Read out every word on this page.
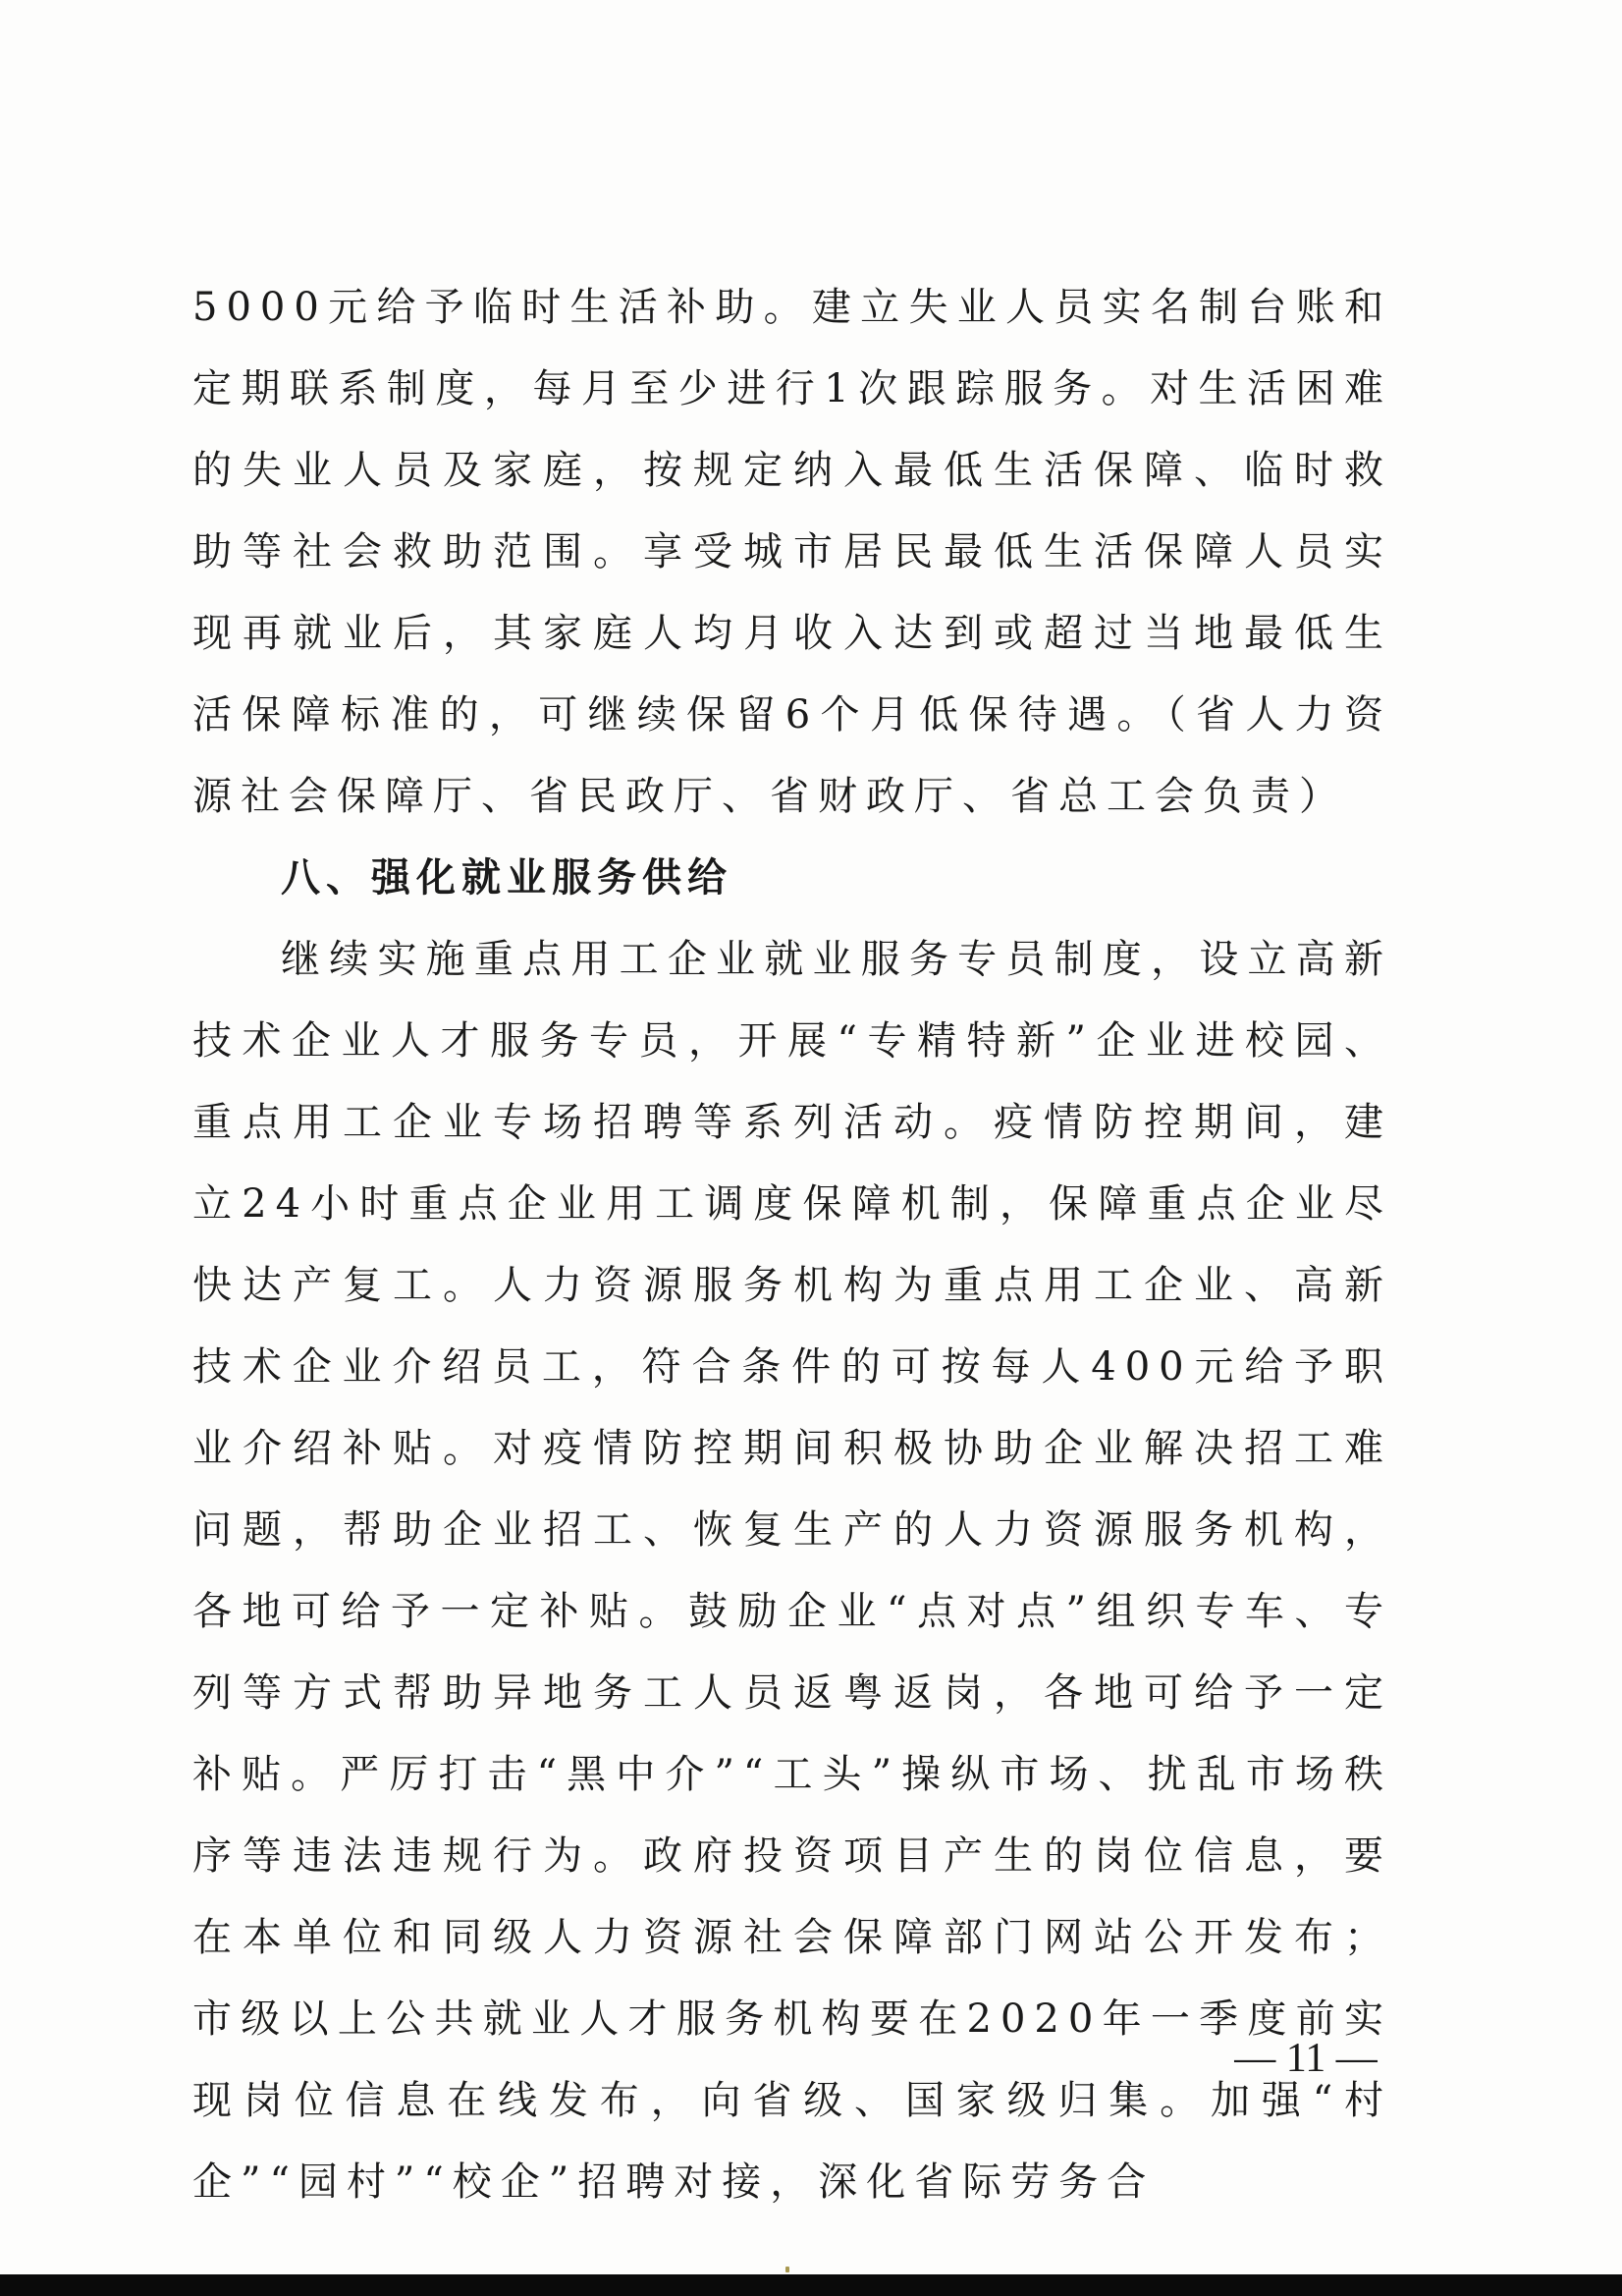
5000元给予临时生活补助。建立失业人员实名制台账和定期联系制度，每月至少进行1次跟踪服务。对生活困难的失业人员及家庭，按规定纳入最低生活保障、临时救助等社会救助范围。享受城市居民最低生活保障人员实现再就业后，其家庭人均月收入达到或超过当地最低生活保障标准的，可继续保留6个月低保待遇。（省人力资源社会保障厅、省民政厅、省财政厅、省总工会负责）

八、强化就业服务供给

继续实施重点用工企业就业服务专员制度，设立高新技术企业人才服务专员，开展“专精特新”企业进校园、重点用工企业专场招聘等系列活动。疫情防控期间，建立24小时重点企业用工调度保障机制，保障重点企业尽快达产复工。人力资源服务机构为重点用工企业、高新技术企业介绍员工，符合条件的可按每人400元给予职业介绍补贴。对疫情防控期间积极协助企业解决招工难问题，帮助企业招工、恢复生产的人力资源服务机构，各地可给予一定补贴。鼓励企业“点对点”组织专车、专列等方式帮助异地务工人员返粤返岗，各地可给予一定补贴。严厉打击“黑中介”“工头”操纵市场、扰乱市场秩序等违法违规行为。政府投资项目产生的岗位信息，要在本单位和同级人力资源社会保障部门网站公开发布；市级以上公共就业人才服务机构要在2020年一季度前实现岗位信息在线发布，向省级、国家级归集。加强“村企”“园村”“校企”招聘对接，深化省际劳务合

— 11 —
